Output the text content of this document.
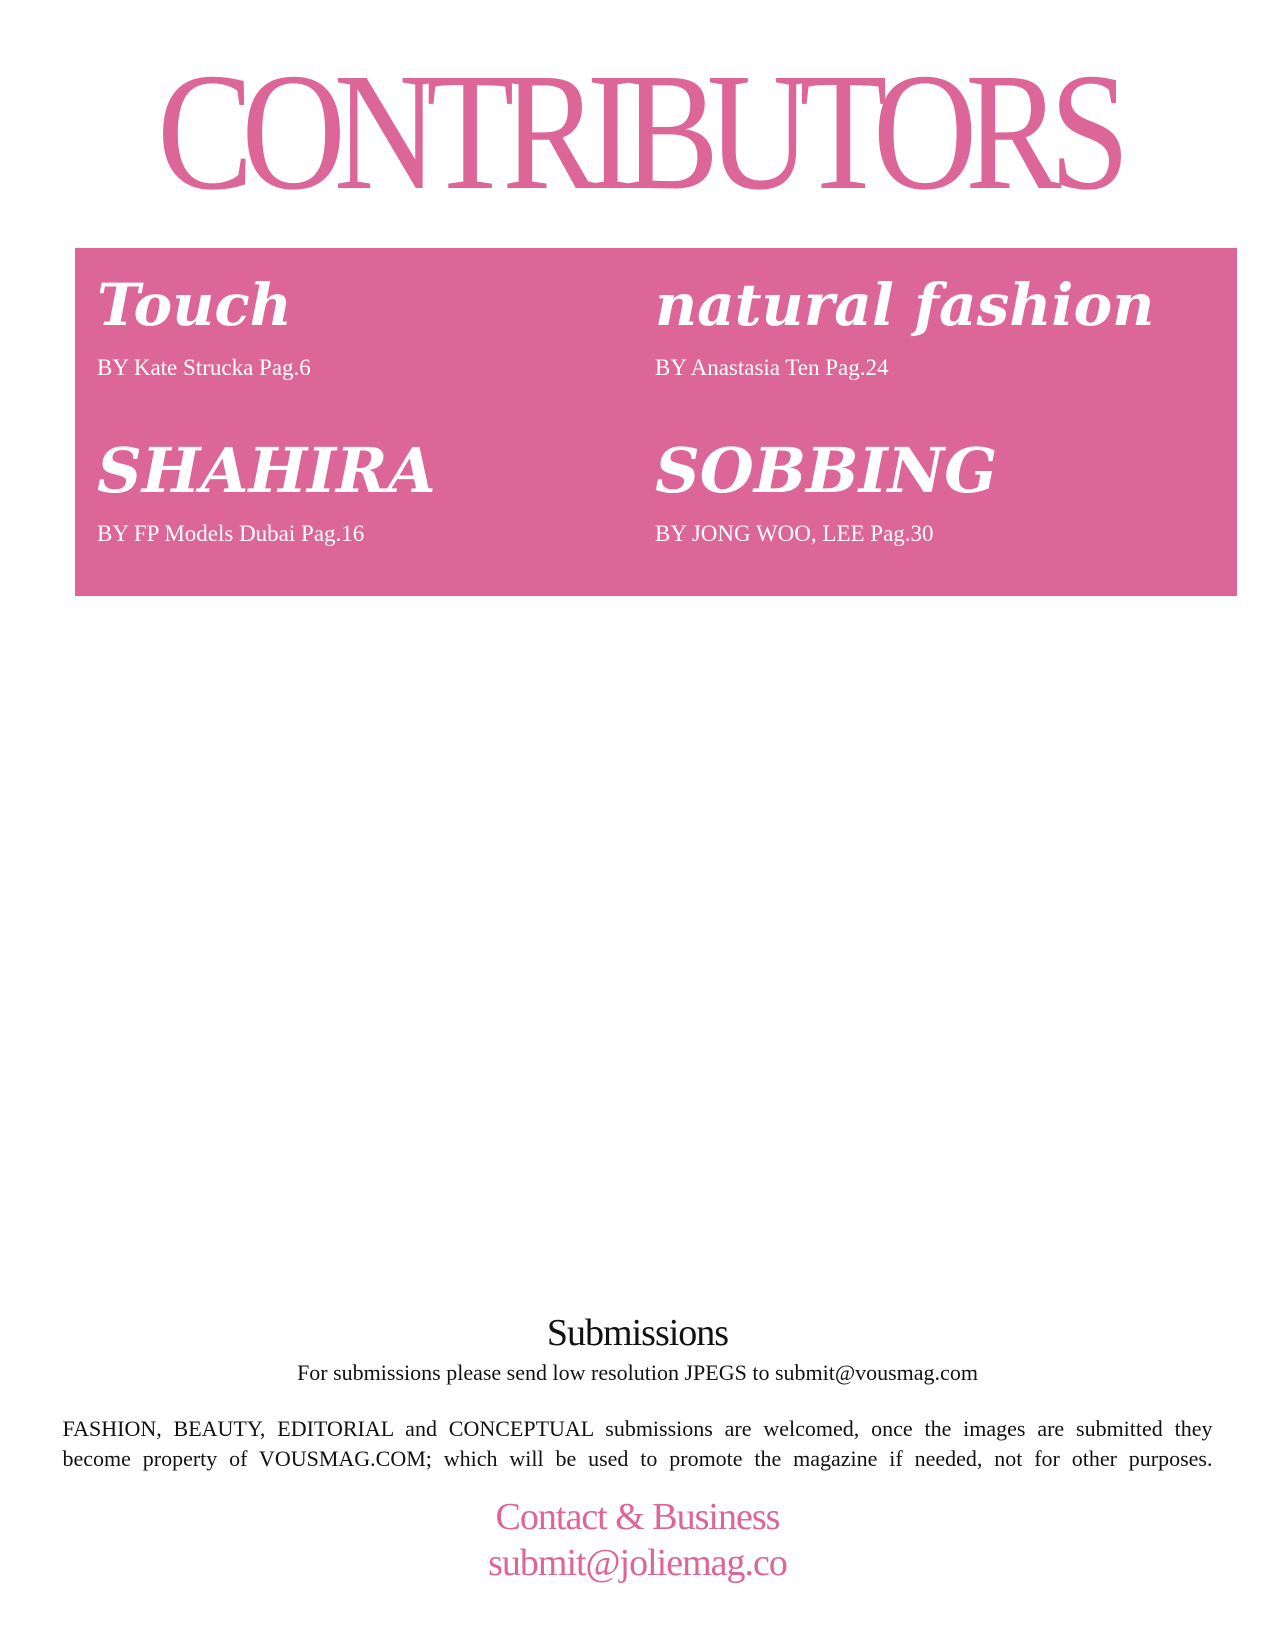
CONTRIBUTORS
Touch
BY Kate Strucka Pag.6
natural fashion
BY Anastasia Ten Pag.24
SHAHIRA
BY FP Models Dubai Pag.16
SOBBING
BY JONG WOO, LEE Pag.30
Submissions
For submissions please send low resolution JPEGS to submit@vousmag.com
FASHION, BEAUTY, EDITORIAL and CONCEPTUAL submissions are welcomed, once the images are submitted they
become property of VOUSMAG.COM; which will be used to promote the magazine if needed, not for other purposes.
Contact & Business
submit@joliemag.co
